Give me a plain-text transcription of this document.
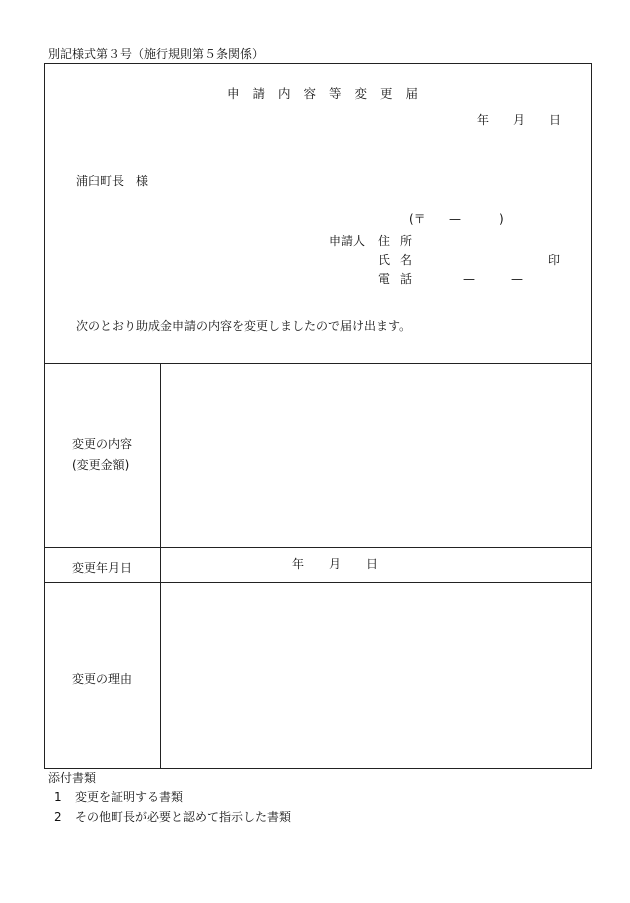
別記様式第３号（施行規則第５条関係）
申請内容等変更届
年 月 日
浦臼町長　様
(〒 —	)
申請人 住所
氏名	印
電話	—	—
次のとおり助成金申請の内容を変更しましたので届け出ます。
変更の内容
(変更金額)
変更年月日	年 月 日
変更の理由
添付書類
1 変更を証明する書類
2 その他町長が必要と認めて指示した書類
